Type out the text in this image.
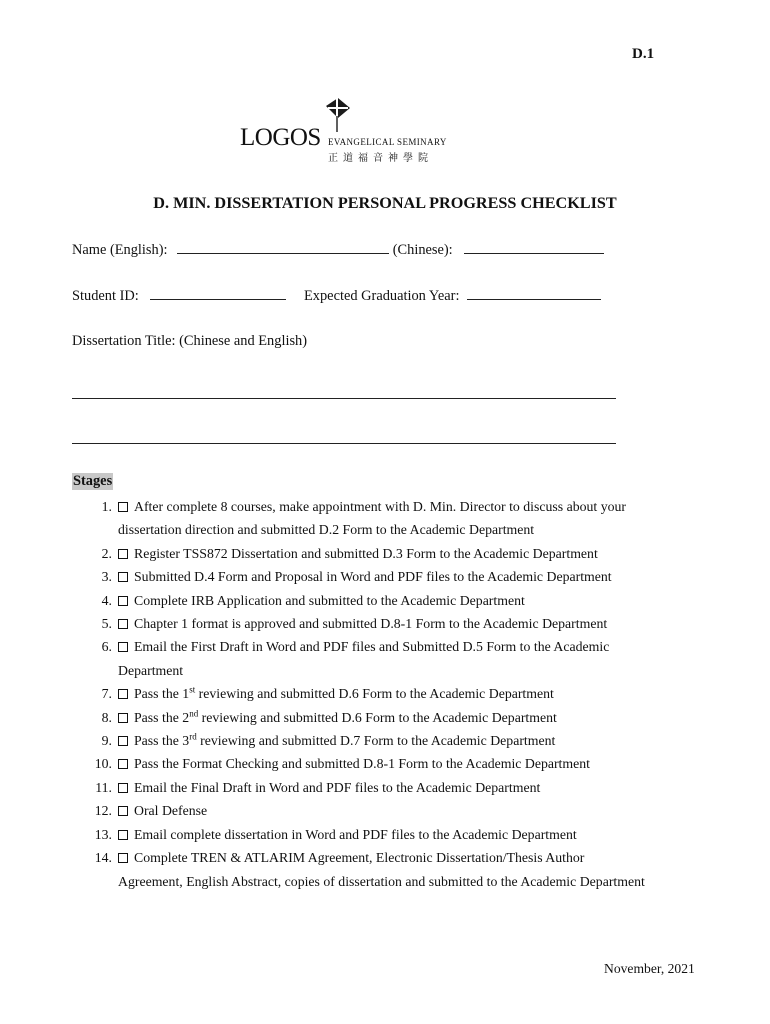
D.1
LOGOS EVANGELICAL SEMINARY
正道福音神學院
D. MIN. DISSERTATION PERSONAL PROGRESS CHECKLIST
Name (English):	(Chinese):
Student ID:	Expected Graduation Year:
Dissertation Title: (Chinese and English)
Stages
1. After complete 8 courses, make appointment with D. Min. Director to discuss about your
dissertation direction and submitted D.2 Form to the Academic Department
2. Register TSS872 Dissertation and submitted D.3 Form to the Academic Department
3. Submitted D.4 Form and Proposal in Word and PDF files to the Academic Department
4. Complete IRB Application and submitted to the Academic Department
5. Chapter 1 format is approved and submitted D.8-1 Form to the Academic Department
6. Email the First Draft in Word and PDF files and Submitted D.5 Form to the Academic
Department
7. Pass the 1st reviewing and submitted D.6 Form to the Academic Department
8. Pass the 2nd reviewing and submitted D.6 Form to the Academic Department
9. Pass the 3rd reviewing and submitted D.7 Form to the Academic Department
10. Pass the Format Checking and submitted D.8-1 Form to the Academic Department
11. Email the Final Draft in Word and PDF files to the Academic Department
12. Oral Defense
13. Email complete dissertation in Word and PDF files to the Academic Department
14. Complete TREN & ATLARIM Agreement, Electronic Dissertation/Thesis Author
Agreement, English Abstract, copies of dissertation and submitted to the Academic Department
November, 2021
